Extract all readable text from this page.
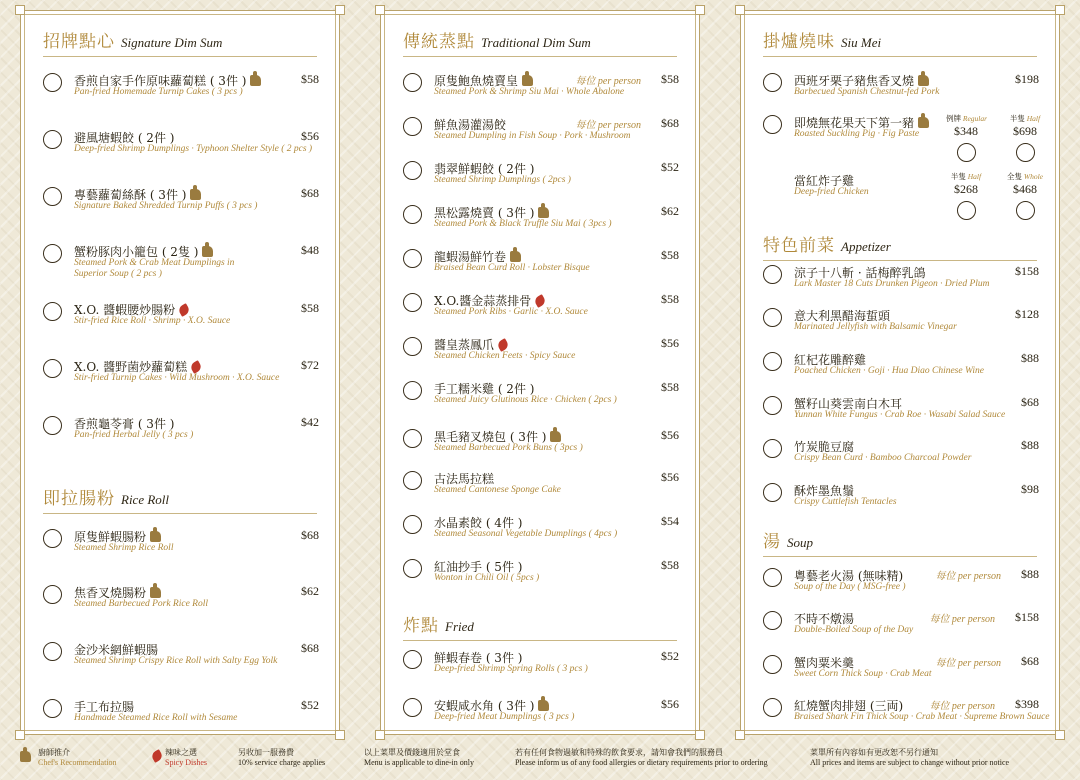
招牌點心 Signature Dim Sum
香煎自家手作原味蘿蔔糕 ( 3件 )
Pan-fried Homemade Turnip Cakes ( 3 pcs )
$58
避風塘蝦餃 ( 2件 )
Deep-fried Shrimp Dumplings · Typhoon Shelter Style ( 2 pcs )
$56
專藝蘿蔔絲酥 ( 3件 )
Signature Baked Shredded Turnip Puffs ( 3 pcs )
$68
蟹粉豚肉小籠包 ( 2隻 )
Steamed Pork & Crab Meat Dumplings in
Superior Soup ( 2 pcs )
$48
X.O. 醬蝦腰炒腸粉
Stir-fried Rice Roll · Shrimp · X.O. Sauce
$58
X.O. 醬野菌炒蘿蔔糕
Stir-fried Turnip Cakes · Wild Mushroom · X.O. Sauce
$72
香煎龜苓膏 ( 3件 )
Pan-fried Herbal Jelly ( 3 pcs )
$42
即拉腸粉 Rice Roll
原隻鮮蝦腸粉
Steamed Shrimp Rice Roll
$68
焦香叉燒腸粉
Steamed Barbecued Pork Rice Roll
$62
金沙米網鮮蝦腸
Steamed Shrimp Crispy Rice Roll with Salty Egg Yolk
$68
手工布拉腸
Handmade Steamed Rice Roll with Sesame
$52
傳統蒸點 Traditional Dim Sum
原隻鮑魚燒賣皇
Steamed Pork & Shrimp Siu Mai · Whole Abalone
每位 per person $58
鮮魚湯灌湯餃
Steamed Dumpling in Fish Soup · Pork · Mushroom
每位 per person $68
翡翠鮮蝦餃 ( 2件 )
Steamed Shrimp Dumplings ( 2pcs )
$52
黑松露燒賣 ( 3件 )
Steamed Pork & Black Truffle Siu Mai ( 3pcs )
$62
龍蝦湯鮮竹卷
Braised Bean Curd Roll · Lobster Bisque
$58
X.O.醬金蒜蒸排骨
Steamed Pork Ribs · Garlic · X.O. Sauce
$58
醬皇蒸鳳爪
Steamed Chicken Feets · Spicy Sauce
$56
手工糯米雞 ( 2件 )
Steamed Juicy Glutinous Rice · Chicken ( 2pcs )
$58
黑毛豬叉燒包 ( 3件 )
Steamed Barbecued Pork Buns ( 3pcs )
$56
古法馬拉糕
Steamed Cantonese Sponge Cake
$56
水晶素餃 ( 4件 )
Steamed Seasonal Vegetable Dumplings ( 4pcs )
$54
紅油抄手 ( 5件 )
Wonton in Chili Oil ( 5pcs )
$58
炸點 Fried
鮮蝦春卷 ( 3件 )
Deep-fried Shrimp Spring Rolls ( 3 pcs )
$52
安蝦咸水角 ( 3件 )
Deep-fried Meat Dumplings ( 3 pcs )
$56
掛爐燒味 Siu Mei
西班牙栗子豬焦香叉燒
Barbecued Spanish Chestnut-fed Pork
$198
即燒無花果天下第一豬
Roasted Suckling Pig · Fig Paste
例牌 Regular
$348
半隻 Half
$698
當紅炸子雞
Deep-fried Chicken
半隻 Half
$268
全隻 Whole
$468
特色前菜 Appetizer
涼子十八斬 · 話梅醉乳鴿
Lark Master 18 Cuts Drunken Pigeon · Dried Plum
$158
意大利黑醋海蜇頭
Marinated Jellyfish with Balsamic Vinegar
$128
紅杞花雕醉雞
Poached Chicken · Goji · Hua Diao Chinese Wine
$88
蟹籽山葵雲南白木耳
Yunnan White Fungus · Crab Roe · Wasabi Salad Sauce
$68
竹炭脆豆腐
Crispy Bean Curd · Bamboo Charcoal Powder
$88
酥炸墨魚鬚
Crispy Cuttlefish Tentacles
$98
湯 Soup
粵藝老火湯 (無味精)
Soup of the Day ( MSG-free )
每位 per person $88
不時不燉湯
Double-Boiled Soup of the Day
每位 per person $158
蟹肉粟米羹
Sweet Corn Thick Soup · Crab Meat
每位 per person $68
紅燒蟹肉排翅 (三両)
Braised Shark Fin Thick Soup · Crab Meat · Supreme Brown Sauce
每位 per person $398
廚師推介
Chef's Recommendation
辣味之選
Spicy Dishes
另收加一服務費
10% service charge applies
以上菜單及價錢適用於堂食
Menu is applicable to dine-in only
若有任何食物過敏和特殊的飲食要求，請知會我們的服務員
Please inform us of any food allergies or dietary requirements prior to ordering
菜單所有內容如有更改恕不另行通知
All prices and items are subject to change without prior notice
